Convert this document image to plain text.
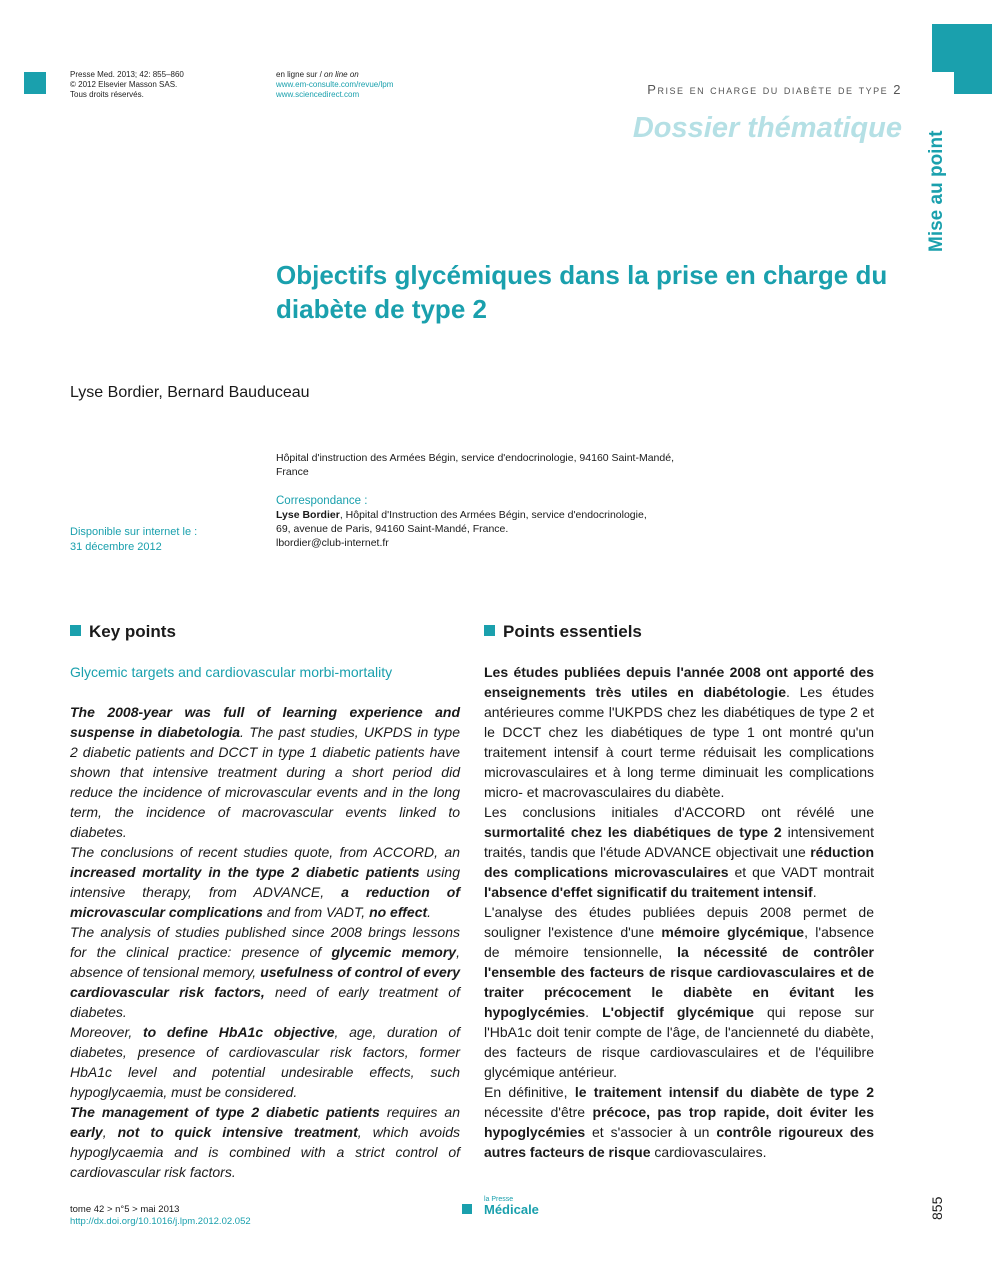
Presse Med. 2013; 42: 855–860
© 2012 Elsevier Masson SAS.
Tous droits réservés.
en ligne sur / on line on
www.em-consulte.com/revue/lpm
www.sciencedirect.com	Prise en charge du diabète de type 2
Dossier thématique
Mise au point
Objectifs glycémiques dans la prise en charge du diabète de type 2
Lyse Bordier, Bernard Bauduceau
Hôpital d'instruction des Armées Bégin, service d'endocrinologie, 94160 Saint-Mandé,
France
Correspondance :
Lyse Bordier, Hôpital d'Instruction des Armées Bégin, service d'endocrinologie,
69, avenue de Paris, 94160 Saint-Mandé, France.
lbordier@club-internet.fr
Disponible sur internet le :
31 décembre 2012
Key points	Points essentiels
Glycemic targets and cardiovascular morbi-mortality

The 2008-year was full of learning experience and suspense in diabetologia. The past studies, UKPDS in type 2 diabetic patients and DCCT in type 1 diabetic patients have shown that intensive treatment during a short period did reduce the incidence of microvascular events and in the long term, the incidence of macrovascular events linked to diabetes.

The conclusions of recent studies quote, from ACCORD, an increased mortality in the type 2 diabetic patients using intensive therapy, from ADVANCE, a reduction of microvascular complications and from VADT, no effect.

The analysis of studies published since 2008 brings lessons for the clinical practice: presence of glycemic memory, absence of tensional memory, usefulness of control of every cardiovascular risk factors, need of early treatment of diabetes.

Moreover, to define HbA1c objective, age, duration of diabetes, presence of cardiovascular risk factors, former HbA1c level and potential undesirable effects, such hypoglycaemia, must be considered.

The management of type 2 diabetic patients requires an early, not to quick intensive treatment, which avoids hypoglycaemia and is combined with a strict control of cardiovascular risk factors.

Les études publiées depuis l'année 2008 ont apporté des enseignements très utiles en diabétologie. Les études antérieures comme l'UKPDS chez les diabétiques de type 2 et le DCCT chez les diabétiques de type 1 ont montré qu'un traitement intensif à court terme réduisait les complications microvasculaires et à long terme diminuait les complications micro- et macrovasculaires du diabète.

Les conclusions initiales d'ACCORD ont révélé une surmortalité chez les diabétiques de type 2 intensivement traités, tandis que l'étude ADVANCE objectivait une réduction des complications microvasculaires et que VADT montrait l'absence d'effet significatif du traitement intensif.

L'analyse des études publiées depuis 2008 permet de souligner l'existence d'une mémoire glycémique, l'absence de mémoire tensionnelle, la nécessité de contrôler l'ensemble des facteurs de risque cardiovasculaires et de traiter précocement le diabète en évitant les hypoglycémies. L'objectif glycémique qui repose sur l'HbA1c doit tenir compte de l'âge, de l'ancienneté du diabète, des facteurs de risque cardiovasculaires et de l'équilibre glycémique antérieur.

En définitive, le traitement intensif du diabète de type 2 nécessite d'être précoce, pas trop rapide, doit éviter les hypoglycémies et s'associer à un contrôle rigoureux des autres facteurs de risque cardiovasculaires.

tome 42 > n°5 > mai 2013
http://dx.doi.org/10.1016/j.lpm.2012.02.052
la Presse
Médicale	855
